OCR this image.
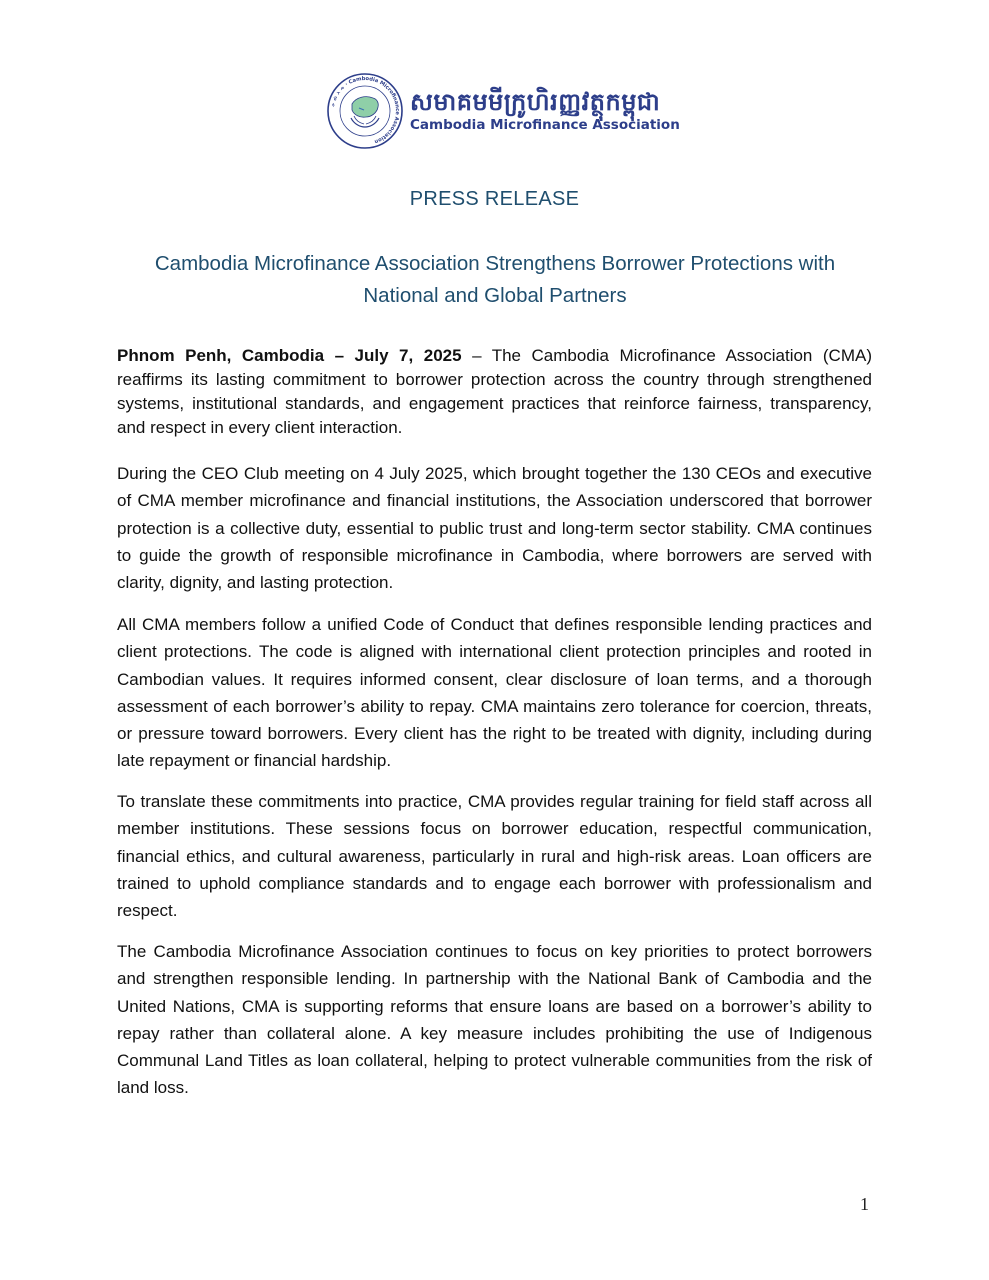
ᨀ ᨁ ᨂ ᨃ · Cambodia Microfinance Association
សមាគមមីក្រូហិរញ្ញវត្ថុកម្ពុជា
Cambodia Microfinance Association
PRESS RELEASE
Cambodia Microfinance Association Strengthens Borrower Protections with National and Global Partners

Phnom Penh, Cambodia – July 7, 2025 – The Cambodia Microfinance Association (CMA) reaffirms its lasting commitment to borrower protection across the country through strengthened systems, institutional standards, and engagement practices that reinforce fairness, transparency, and respect in every client interaction.

During the CEO Club meeting on 4 July 2025, which brought together the 130 CEOs and executive of CMA member microfinance and financial institutions, the Association underscored that borrower protection is a collective duty, essential to public trust and long-term sector stability. CMA continues to guide the growth of responsible microfinance in Cambodia, where borrowers are served with clarity, dignity, and lasting protection.

All CMA members follow a unified Code of Conduct that defines responsible lending practices and client protections. The code is aligned with international client protection principles and rooted in Cambodian values. It requires informed consent, clear disclosure of loan terms, and a thorough assessment of each borrower’s ability to repay. CMA maintains zero tolerance for coercion, threats, or pressure toward borrowers. Every client has the right to be treated with dignity, including during late repayment or financial hardship.

To translate these commitments into practice, CMA provides regular training for field staff across all member institutions. These sessions focus on borrower education, respectful communication, financial ethics, and cultural awareness, particularly in rural and high-risk areas. Loan officers are trained to uphold compliance standards and to engage each borrower with professionalism and respect.

The Cambodia Microfinance Association continues to focus on key priorities to protect borrowers and strengthen responsible lending. In partnership with the National Bank of Cambodia and the United Nations, CMA is supporting reforms that ensure loans are based on a borrower’s ability to repay rather than collateral alone. A key measure includes prohibiting the use of Indigenous Communal Land Titles as loan collateral, helping to protect vulnerable communities from the risk of land loss.

1
